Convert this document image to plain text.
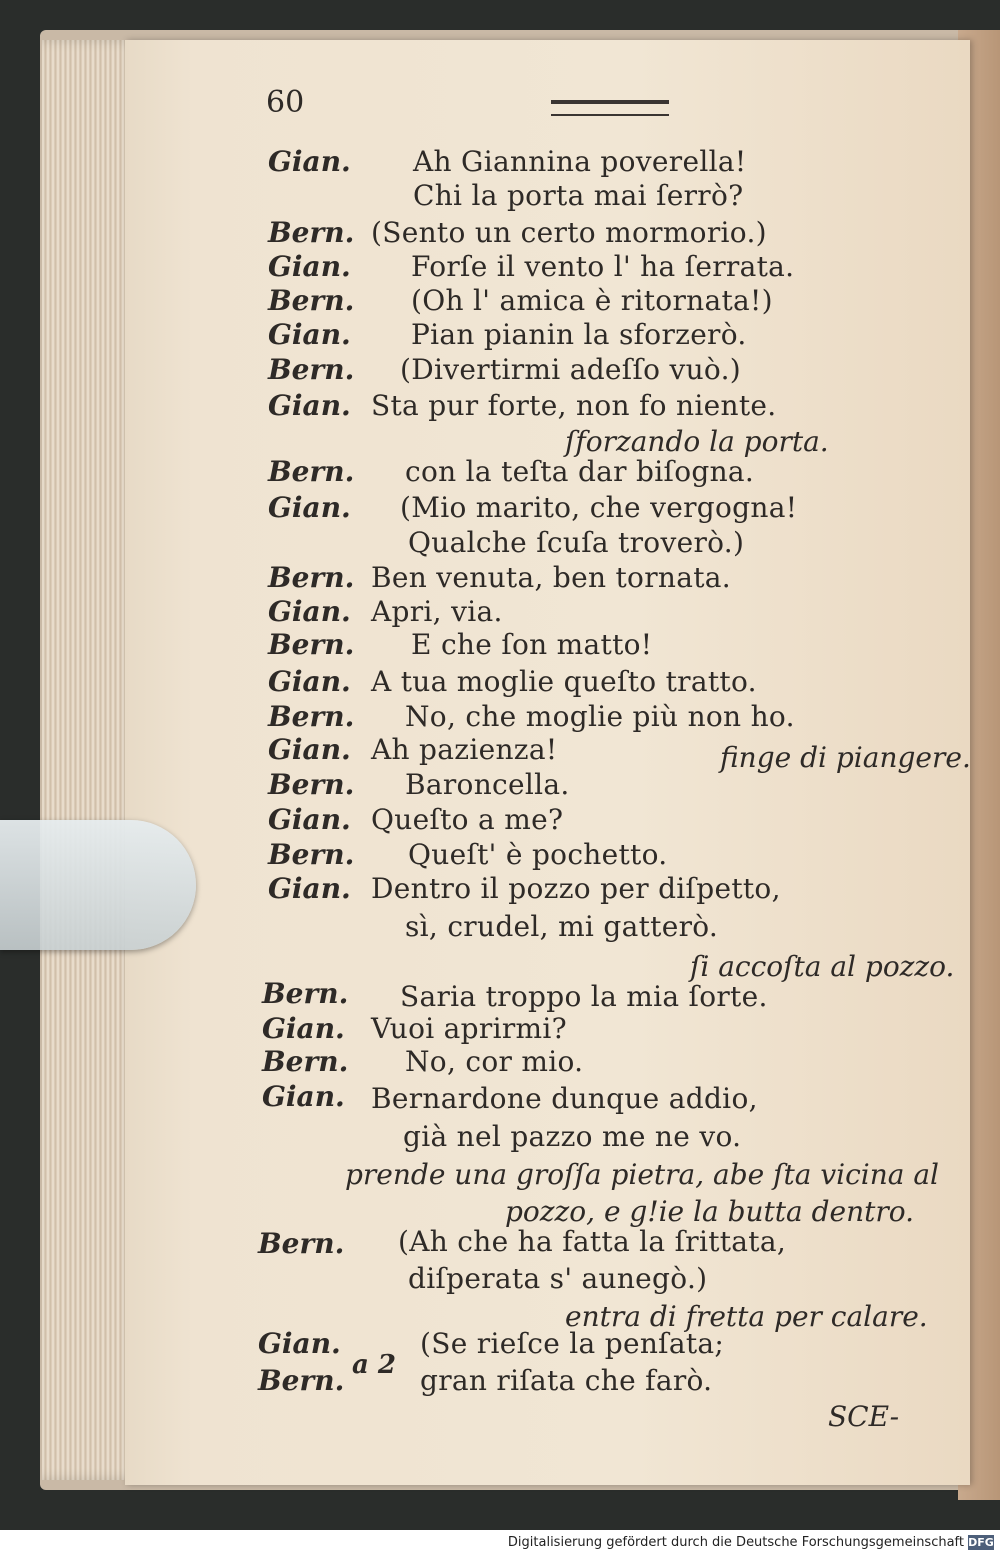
60
Gian. Ah Giannina poverella!
Chi la porta mai ſerrò?
Bern. (Sento un certo mormorio.)
Gian. Forſe il vento l' ha ſerrata.
Bern. (Oh l' amica è ritornata!)
Gian. Pian pianin la sforzerò.
Bern. (Divertirmi adeſſo vuò.)
Gian. Sta pur forte, non fo niente.
ſforzando la porta.
Bern. con la teſta dar biſogna.
Gian. (Mio marito, che vergogna!
Qualche ſcuſa troverò.)
Bern. Ben venuta, ben tornata.
Gian. Apri, via.
Bern. E che ſon matto!
Gian. A tua moglie queſto tratto.
Bern. No, che moglie più non ho.
Gian. Ah pazienza!	finge di piangere.
Bern. Baroncella.
Gian. Queſto a me?
Bern. Queſt' è pochetto.
Gian. Dentro il pozzo per diſpetto,
sì, crudel, mi gatterò.
ſi accoſta al pozzo.
Bern. Saria troppo la mia ſorte.
Gian. Vuoi aprirmi?
Bern. No, cor mio.
Gian. Bernardone dunque addio,
già nel pazzo me ne vo.
prende una groſſa pietra, abe ſta vicina al
pozzo, e g!ie la butta dentro.
Bern. (Ah che ha fatta la ſrittata,
diſperata s' aunegò.)
entra di fretta per calare.
Gian.	(Se rieſce la penſata;
a 2
Bern.	gran riſata che farò.
SCE-
Digitalisierung gefördert durch die Deutsche Forschungsgemeinschaft DFG
